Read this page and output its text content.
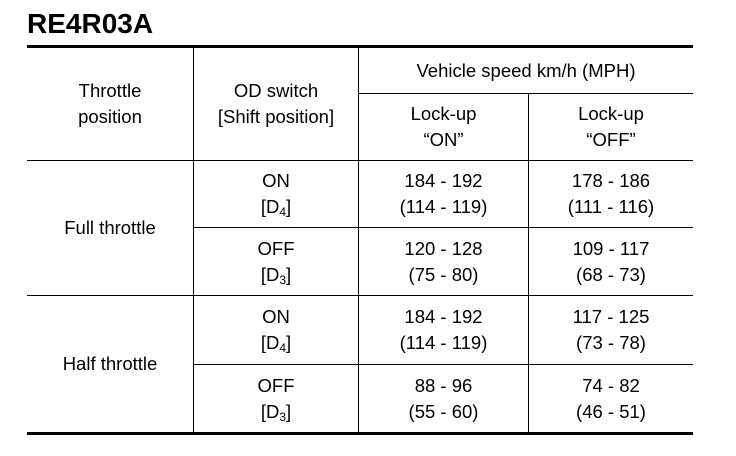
RE4R03A
Throttle
position
OD switch
[Shift position]
Vehicle speed km/h (MPH)
Lock-up
“ON”
Lock-up
“OFF”
Full throttle
Half throttle
ON
$[D_4]$
184 - 192
(114 - 119)
178 - 186
(111 - 116)
OFF
$[D_3]$
120 - 128
(75 - 80)
109 - 117
(68 - 73)
ON
$[D_4]$
184 - 192
(114 - 119)
117 - 125
(73 - 78)
OFF
$[D_3]$
88 - 96
(55 - 60)
74 - 82
(46 - 51)
